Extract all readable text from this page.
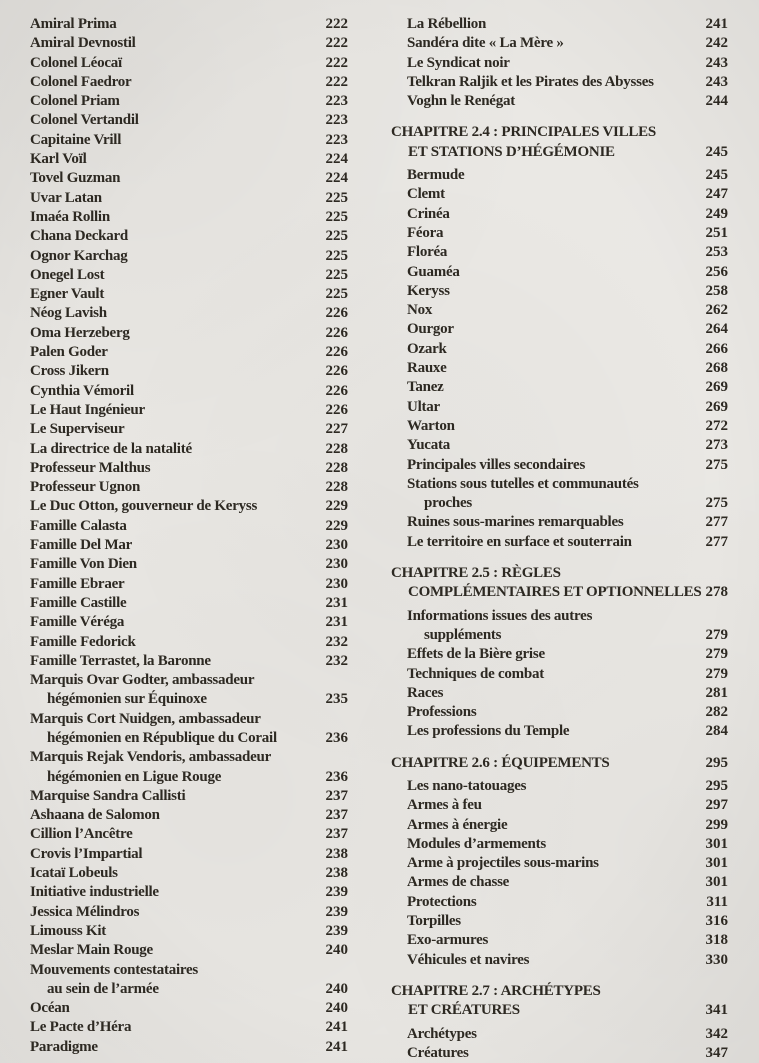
Amiral Prima	222
Amiral Devnostil	222
Colonel Léocaï	222
Colonel Faedror	222
Colonel Priam	223
Colonel Vertandil	223
Capitaine Vrill	223
Karl Voïl	224
Tovel Guzman	224
Uvar Latan	225
Imaéa Rollin	225
Chana Deckard	225
Ognor Karchag	225
Onegel Lost	225
Egner Vault	225
Néog Lavish	226
Oma Herzeberg	226
Palen Goder	226
Cross Jikern	226
Cynthia Vémoril	226
Le Haut Ingénieur	226
Le Superviseur	227
La directrice de la natalité	228
Professeur Malthus	228
Professeur Ugnon	228
Le Duc Otton, gouverneur de Keryss	229
Famille Calasta	229
Famille Del Mar	230
Famille Von Dien	230
Famille Ebraer	230
Famille Castille	231
Famille Véréga	231
Famille Fedorick	232
Famille Terrastet, la Baronne	232
Marquis Ovar Godter, ambassadeur
hégémonien sur Équinoxe	235
Marquis Cort Nuidgen, ambassadeur
hégémonien en République du Corail	236
Marquis Rejak Vendoris, ambassadeur
hégémonien en Ligue Rouge	236
Marquise Sandra Callisti	237
Ashaana de Salomon	237
Cillion l’Ancêtre	237
Crovis l’Impartial	238
Icataï Lobeuls	238
Initiative industrielle	239
Jessica Mélindros	239
Limouss Kit	239
Meslar Main Rouge	240
Mouvements contestataires
au sein de l’armée	240
Océan	240
Le Pacte d’Héra	241
Paradigme	241
La Rébellion	241
Sandéra dite « La Mère »	242
Le Syndicat noir	243
Telkran Raljik et les Pirates des Abysses	243
Voghn le Renégat	244
CHAPITRE 2.4 : PRINCIPALES VILLES
ET STATIONS D’HÉGÉMONIE	245
Bermude	245
Clemt	247
Crinéa	249
Féora	251
Floréa	253
Guaméa	256
Keryss	258
Nox	262
Ourgor	264
Ozark	266
Rauxe	268
Tanez	269
Ultar	269
Warton	272
Yucata	273
Principales villes secondaires	275
Stations sous tutelles et communautés
proches	275
Ruines sous-marines remarquables	277
Le territoire en surface et souterrain	277
CHAPITRE 2.5 : RÈGLES
COMPLÉMENTAIRES ET OPTIONNELLES 278
Informations issues des autres
suppléments	279
Effets de la Bière grise	279
Techniques de combat	279
Races	281
Professions	282
Les professions du Temple	284
CHAPITRE 2.6 : ÉQUIPEMENTS	295
Les nano-tatouages	295
Armes à feu	297
Armes à énergie	299
Modules d’armements	301
Arme à projectiles sous-marins	301
Armes de chasse	301
Protections	311
Torpilles	316
Exo-armures	318
Véhicules et navires	330
CHAPITRE 2.7 : ARCHÉTYPES
ET CRÉATURES	341
Archétypes	342
Créatures	347
